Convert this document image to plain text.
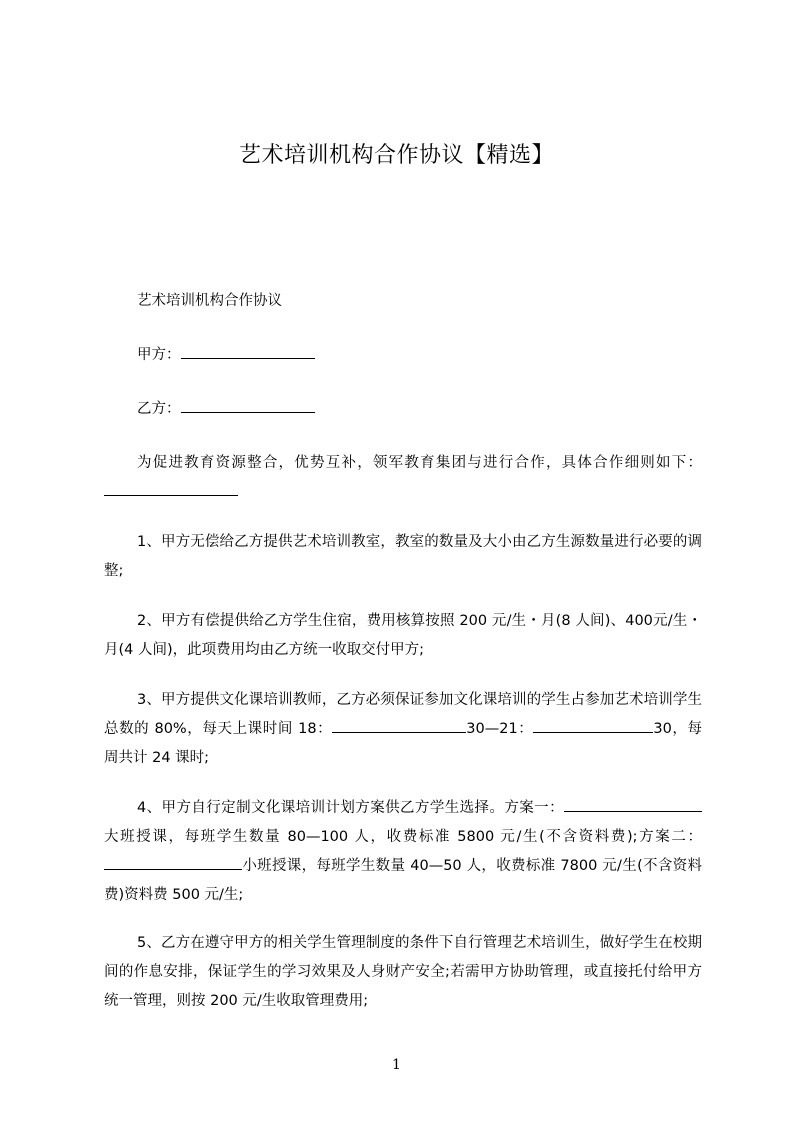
艺术培训机构合作协议【精选】

艺术培训机构合作协议

甲方：

乙方：

为促进教育资源整合，优势互补，领军教育集团与进行合作，具体合作细则如下：

1、甲方无偿给乙方提供艺术培训教室，教室的数量及大小由乙方生源数量进行必要的调整;

2、甲方有偿提供给乙方学生住宿，费用核算按照 200 元/生・月(8 人间)、400元/生・月(4 人间)，此项费用均由乙方统一收取交付甲方;

3、甲方提供文化课培训教师，乙方必须保证参加文化课培训的学生占参加艺术培训学生总数的 80%，每天上课时间 18：	30—21：	30，每周共计 24 课时;

4、甲方自行定制文化课培训计划方案供乙方学生选择。方案一：大班授课，每班学生数量 80—100 人，收费标准 5800 元/生(不含资料费);方案二：小班授课，每班学生数量 40—50 人，收费标准 7800 元/生(不含资料费)资料费 500 元/生;

5、乙方在遵守甲方的相关学生管理制度的条件下自行管理艺术培训生，做好学生在校期间的作息安排，保证学生的学习效果及人身财产安全;若需甲方协助管理，或直接托付给甲方统一管理，则按 200 元/生收取管理费用;

1
